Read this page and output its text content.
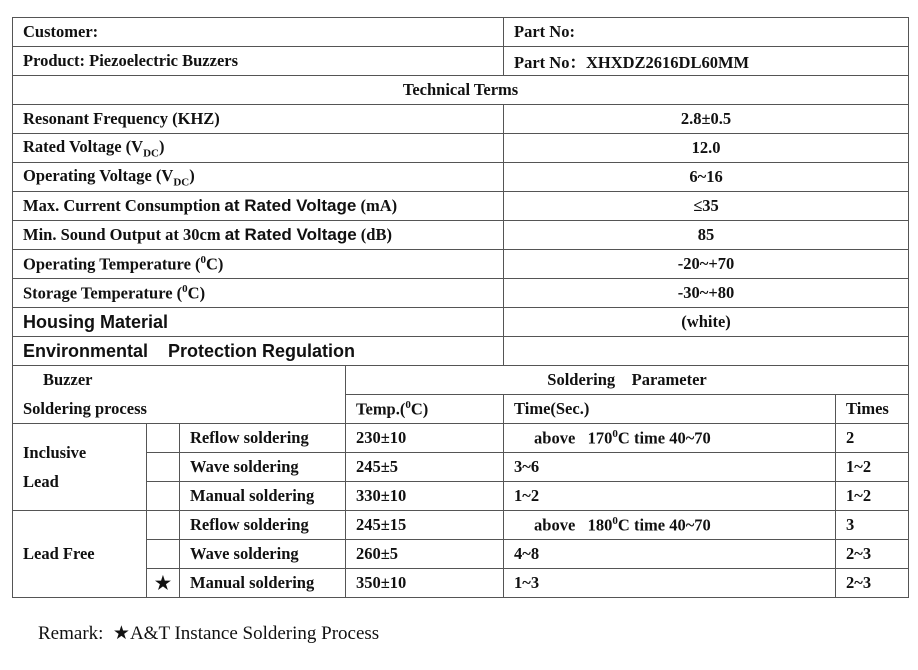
Customer:				Part No:	
Product: Piezoelectric Buzzers				Part No：XHXDZ2616DL60MM	
Technical Terms					
Resonant Frequency (KHZ)				2.8±0.5	
Rated Voltage $(V_{DC})$				12.0	
Operating Voltage $(V_{DC})$				6~16	
Max. Current Consumption at Rated Voltage (mA)				≤35	
Min. Sound Output at 30cm at Rated Voltage (dB)				85	
Operating Temperature ($^0$C)				-20~+70	
Storage Temperature ($^0$C)				-30~+80	
Housing Material				(white)	
Environmental    Protection Regulation					
Buzzer			Soldering    Parameter		
Soldering process			Temp.($^0$C)	Time(Sec.)	Times
Inclusive
Lead		Reflow soldering	230±10	above   $170^0C$ time 40~70	2
		Wave soldering	245±5	3~6	1~2
		Manual soldering	330±10	1~2	1~2
Lead Free		Reflow soldering	245±15	above   $180^0C$ time 40~70	3
		Wave soldering	260±5	4~8	2~3
	★	Manual soldering	350±10	1~3	2~3
Remark:  ★A&T Instance Soldering Process
